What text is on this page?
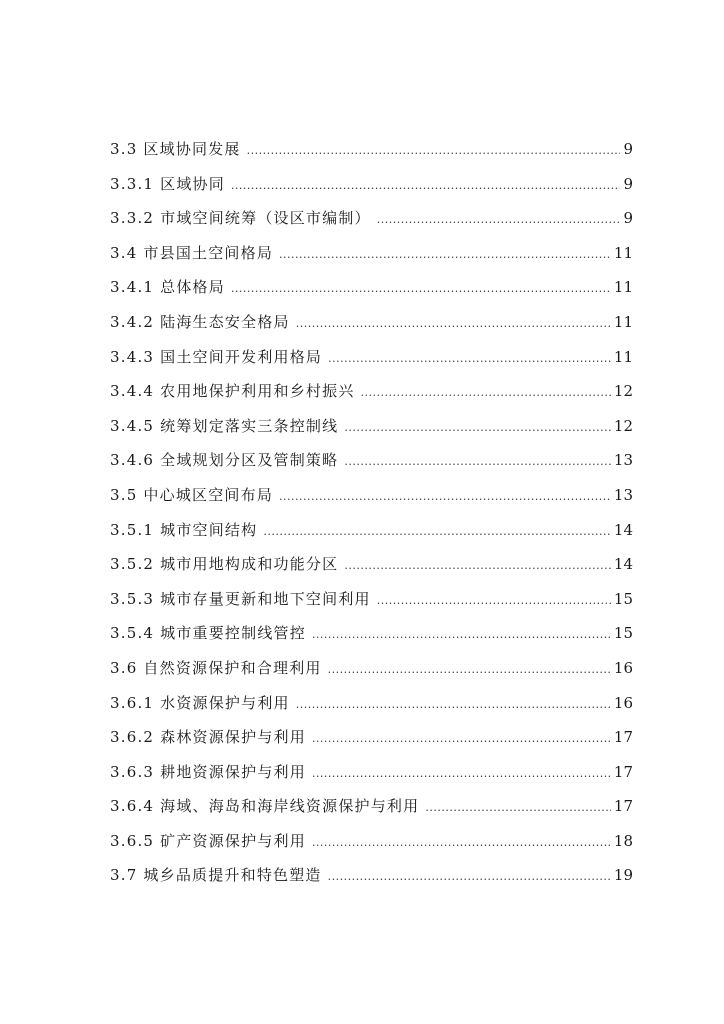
3.3 区域协同发展 .....	9
3.3.1 区域协同 .....	9
3.3.2 市域空间统筹（设区市编制） .....	9
3.4 市县国土空间格局 .....	11
3.4.1 总体格局 .....	11
3.4.2 陆海生态安全格局 .....	11
3.4.3 国土空间开发利用格局 .....	11
3.4.4 农用地保护利用和乡村振兴 .....	12
3.4.5 统筹划定落实三条控制线 .....	12
3.4.6 全域规划分区及管制策略 .....	13
3.5 中心城区空间布局 .....	13
3.5.1 城市空间结构 .....	14
3.5.2 城市用地构成和功能分区 .....	14
3.5.3 城市存量更新和地下空间利用 .....	15
3.5.4 城市重要控制线管控 .....	15
3.6 自然资源保护和合理利用 .....	16
3.6.1 水资源保护与利用 .....	16
3.6.2 森林资源保护与利用 .....	17
3.6.3 耕地资源保护与利用 .....	17
3.6.4 海域、海岛和海岸线资源保护与利用 .....	17
3.6.5 矿产资源保护与利用 .....	18
3.7 城乡品质提升和特色塑造 .....	19
